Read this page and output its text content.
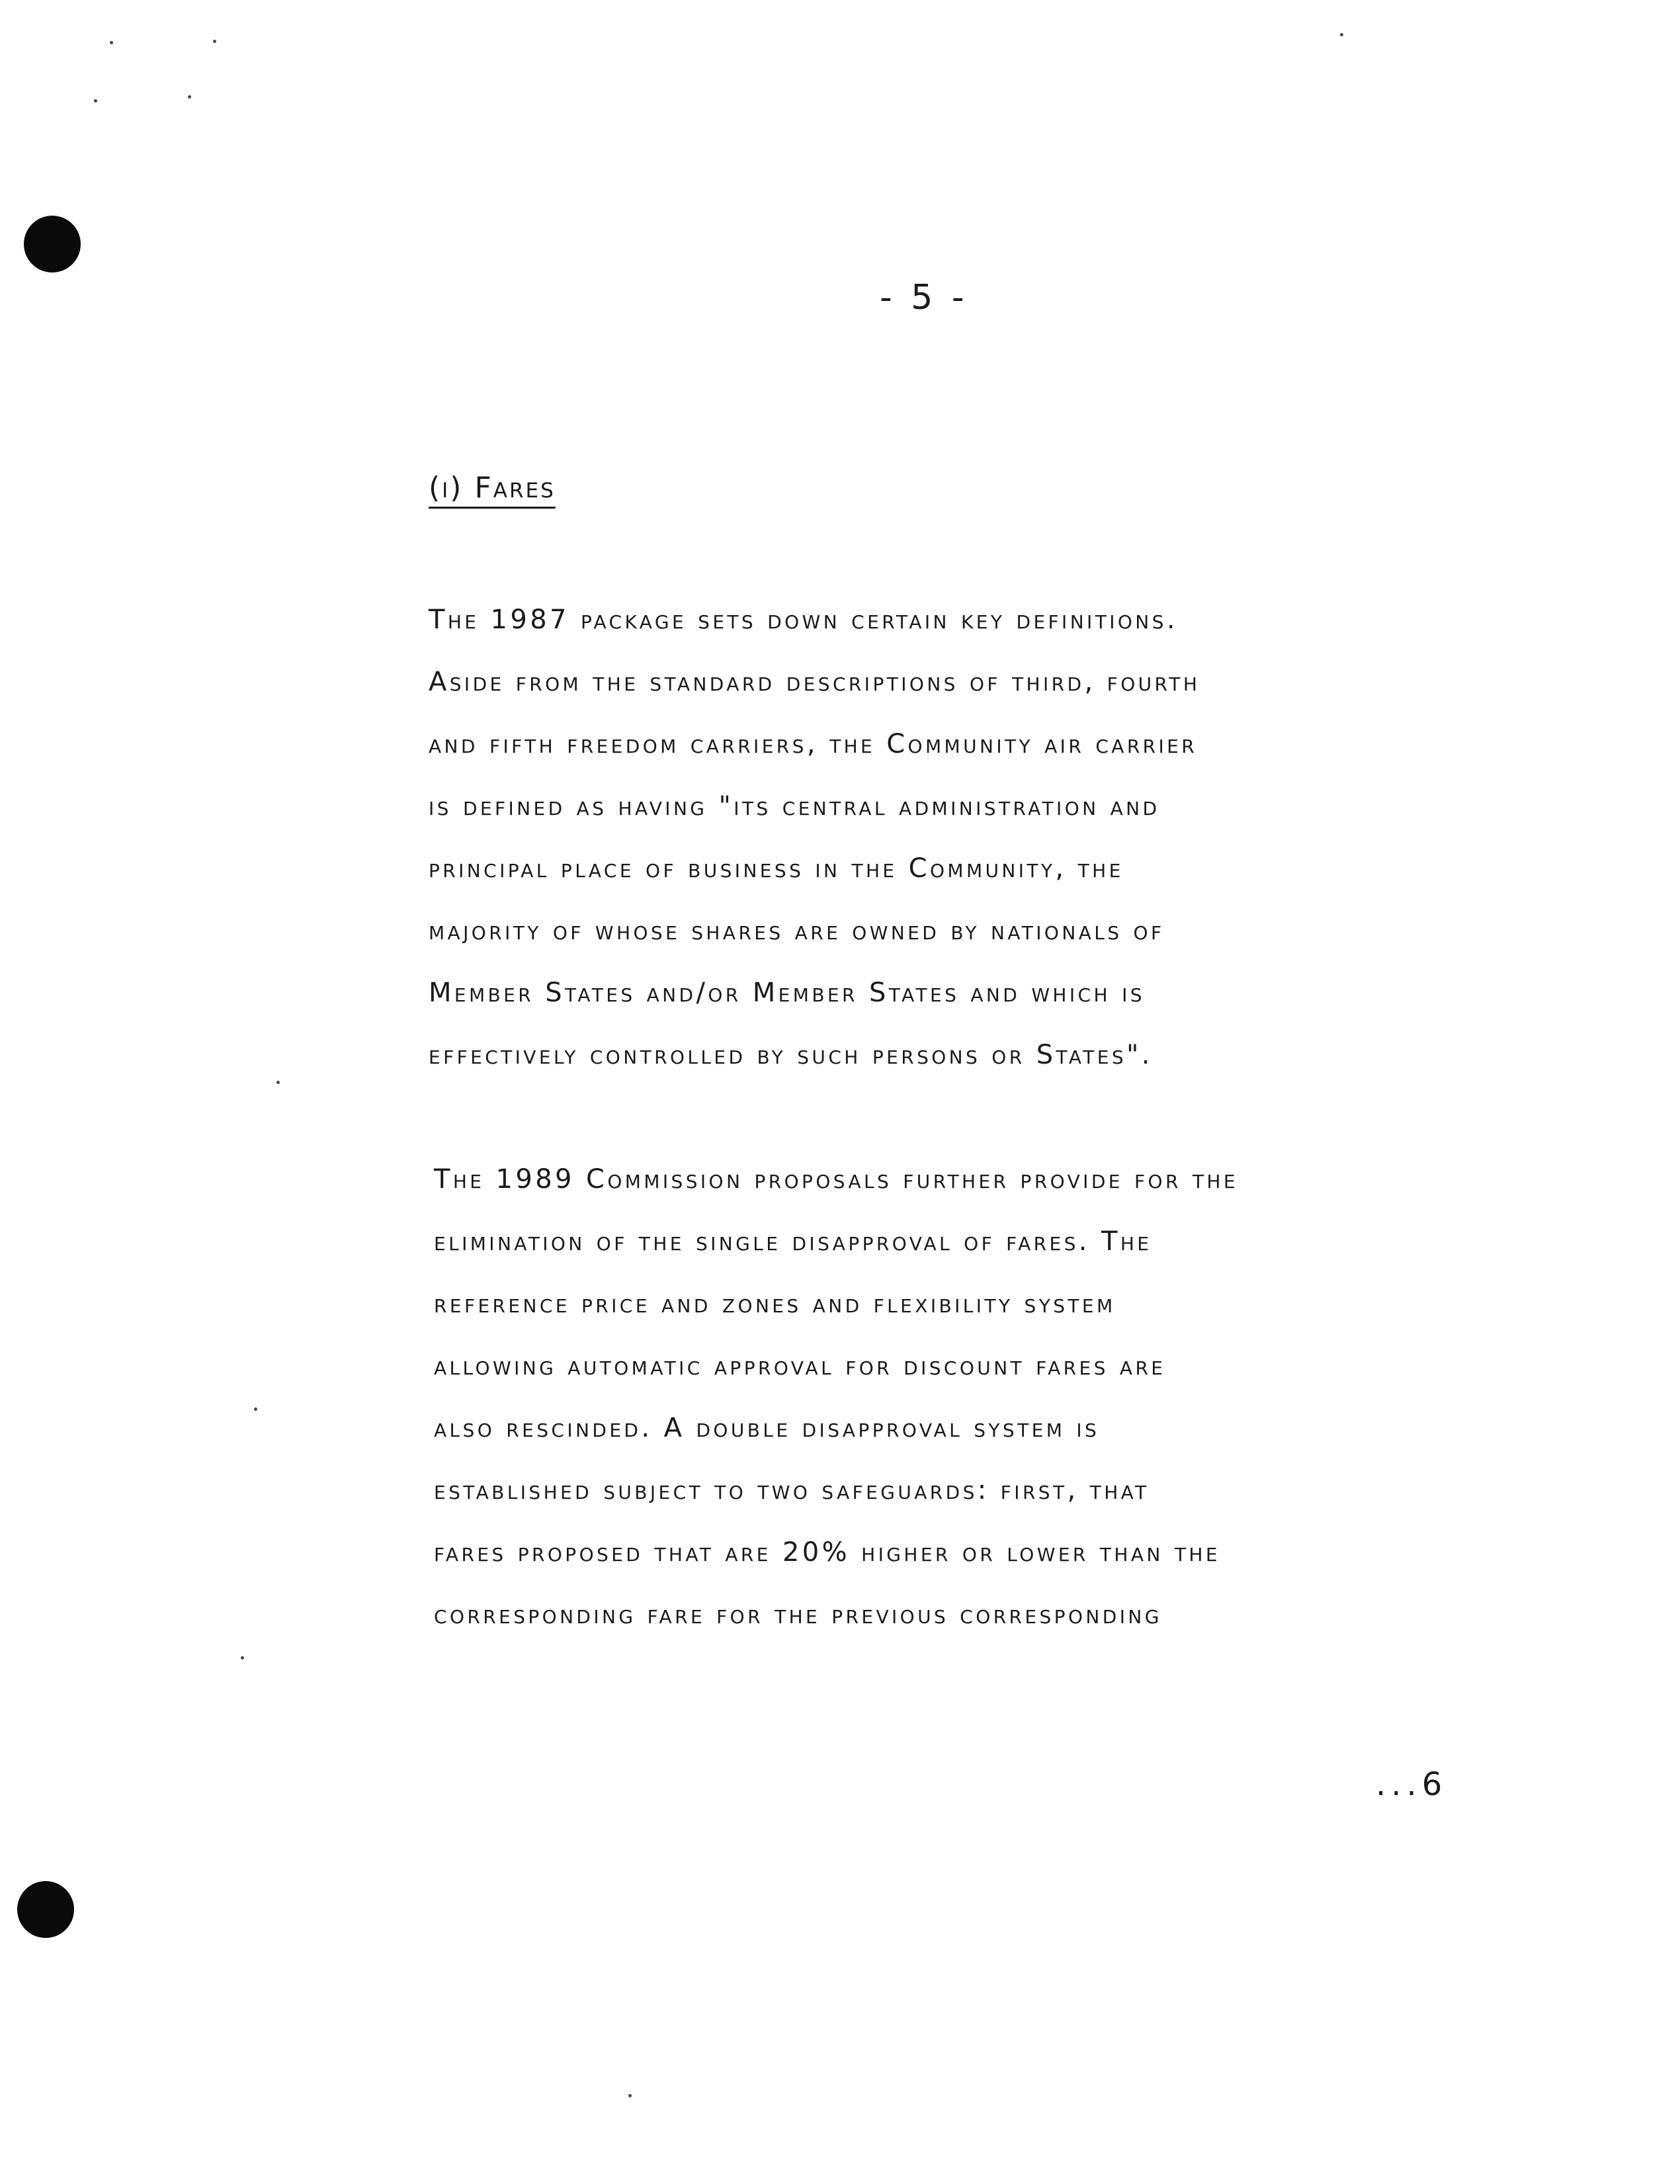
- 5 -
(i) Fares
The 1987 package sets down certain key definitions.
Aside from the standard descriptions of third, fourth
and fifth freedom carriers, the Community air carrier
is defined as having "its central administration and
principal place of business in the Community, the
majority of whose shares are owned by nationals of
Member States and/or Member States and which is
effectively controlled by such persons or States".
The 1989 Commission proposals further provide for the
elimination of the single disapproval of fares. The
reference price and zones and flexibility system
allowing automatic approval for discount fares are
also rescinded. A double disapproval system is
established subject to two safeguards: first, that
fares proposed that are 20% higher or lower than the
corresponding fare for the previous corresponding
...6
